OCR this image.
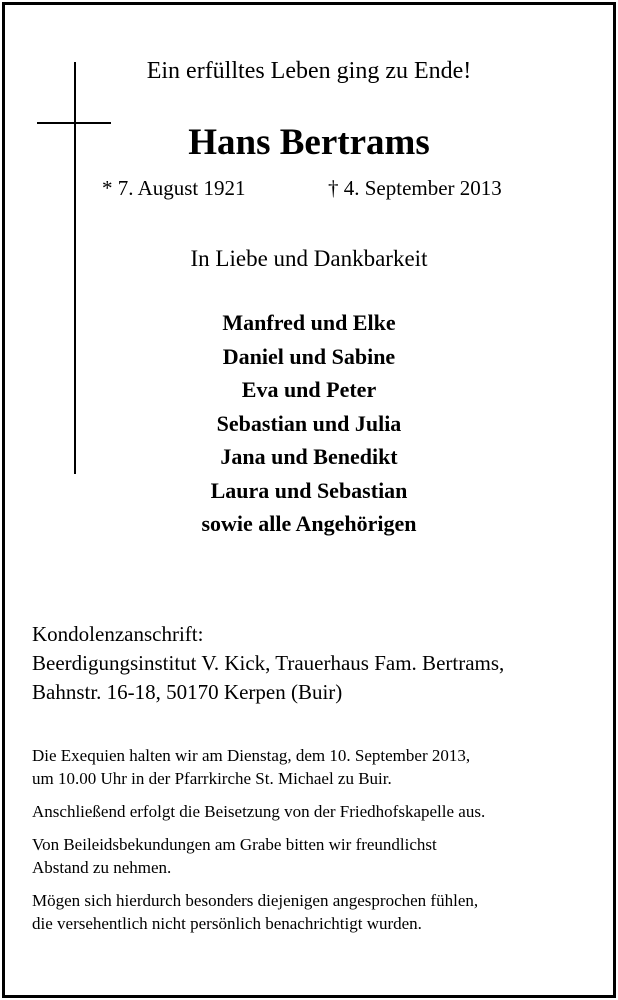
Ein erfülltes Leben ging zu Ende!
Hans Bertrams
* 7. August 1921	† 4. September 2013
In Liebe und Dankbarkeit
Manfred und Elke
Daniel und Sabine
Eva und Peter
Sebastian und Julia
Jana und Benedikt
Laura und Sebastian
sowie alle Angehörigen
Kondolenzanschrift:
Beerdigungsinstitut V. Kick, Trauerhaus Fam. Bertrams,
Bahnstr. 16-18, 50170 Kerpen (Buir)

Die Exequien halten wir am Dienstag, dem 10. September 2013,
um 10.00 Uhr in der Pfarrkirche St. Michael zu Buir.

Anschließend erfolgt die Beisetzung von der Friedhofskapelle aus.

Von Beileidsbekundungen am Grabe bitten wir freundlichst
Abstand zu nehmen.

Mögen sich hierdurch besonders diejenigen angesprochen fühlen,
die versehentlich nicht persönlich benachrichtigt wurden.
